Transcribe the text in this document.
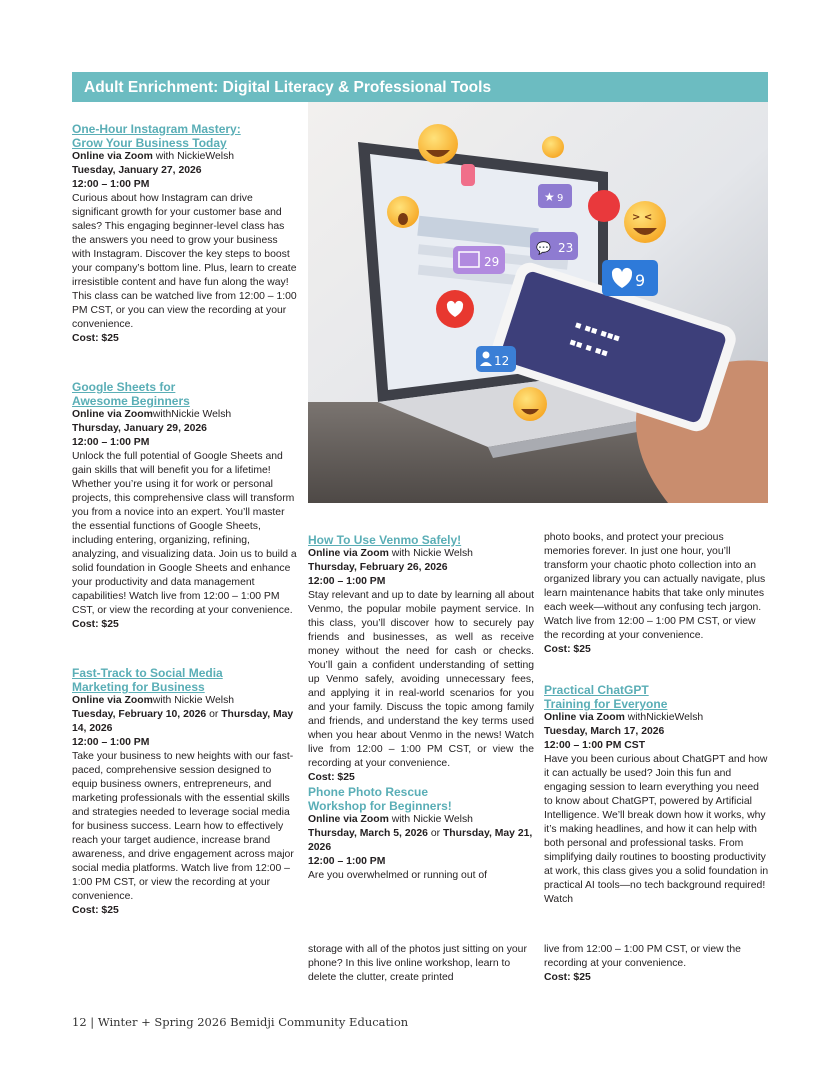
Adult Enrichment: Digital Literacy & Professional Tools

One-Hour Instagram Mastery:

Grow Your Business Today

Online via Zoom with NickieWelsh

Tuesday, January 27, 2026

12:00 – 1:00 PM

Curious about how Instagram can drive significant growth for your customer base and sales? This engaging beginner-level class has the answers you need to grow your business with Instagram. Discover the key steps to boost your company’s bottom line. Plus, learn to create irresistible content and have fun along the way! This class can be watched live from 12:00 – 1:00 PM CST, or you can view the recording at your convenience.

Cost: $25

Google Sheets for

Awesome Beginners

Online via ZoomwithNickie Welsh

Thursday, January 29, 2026

12:00 – 1:00 PM

Unlock the full potential of Google Sheets and gain skills that will benefit you for a lifetime! Whether you’re using it for work or personal projects, this comprehensive class will transform you from a novice into an expert. You’ll master the essential functions of Google Sheets, including entering, organizing, refining, analyzing, and visualizing data. Join us to build a solid foundation in Google Sheets and enhance your productivity and data management capabilities! Watch live from 12:00 – 1:00 PM CST, or view the recording at your convenience.

Cost: $25

Fast-Track to Social Media

Marketing for Business

Online via Zoomwith Nickie Welsh

Tuesday, February 10, 2026 or Thursday, May 14, 2026

12:00 – 1:00 PM

Take your business to new heights with our fast-paced, comprehensive session designed to equip business owners, entrepreneurs, and marketing professionals with the essential skills and strategies needed to leverage social media for business success. Learn how to effectively reach your target audience, increase brand awareness, and drive engagement across major social media platforms. Watch live from 12:00 – 1:00 PM CST, or view the recording at your convenience.

Cost: $25

▪ ▪▪ ▪▪▪
▪▪ ▪ ▪▪
> <
★ 9
29
💬 23
9
12

How To Use Venmo Safely!

Online via Zoom with Nickie Welsh

Thursday, February 26, 2026

12:00 – 1:00 PM

Stay relevant and up to date by learning all about Venmo, the popular mobile payment service. In this class, you’ll discover how to securely pay friends and businesses, as well as receive money without the need for cash or checks. You’ll gain a confident understanding of setting up Venmo safely, avoiding unnecessary fees, and applying it in real-world scenarios for you and your family. Discuss the topic among family and friends, and understand the key terms used when you hear about Venmo in the news! Watch live from 12:00 – 1:00 PM CST, or view the recording at your convenience.

Cost: $25

Phone Photo Rescue

Workshop for Beginners!

Online via Zoom with Nickie Welsh

Thursday, March 5, 2026 or Thursday, May 21, 2026

12:00 – 1:00 PM

Are you overwhelmed or running out of

storage with all of the photos just sitting on your phone? In this live online workshop, learn to delete the clutter, create printed

photo books, and protect your precious memories forever. In just one hour, you’ll transform your chaotic photo collection into an organized library you can actually navigate, plus learn maintenance habits that take only minutes each week—without any confusing tech jargon. Watch live from 12:00 – 1:00 PM CST, or view the recording at your convenience.

Cost: $25

Practical ChatGPT

Training for Everyone

Online via Zoom withNickieWelsh

Tuesday, March 17, 2026

12:00 – 1:00 PM CST

Have you been curious about ChatGPT and how it can actually be used? Join this fun and engaging session to learn everything you need to know about ChatGPT, powered by Artificial Intelligence. We’ll break down how it works, why it’s making headlines, and how it can help with both personal and professional tasks. From simplifying daily routines to boosting productivity at work, this class gives you a solid foundation in practical AI tools—no tech background required! Watch

live from 12:00 – 1:00 PM CST, or view the recording at your convenience.

Cost: $25

12 | Winter + Spring 2026 Bemidji Community Education
